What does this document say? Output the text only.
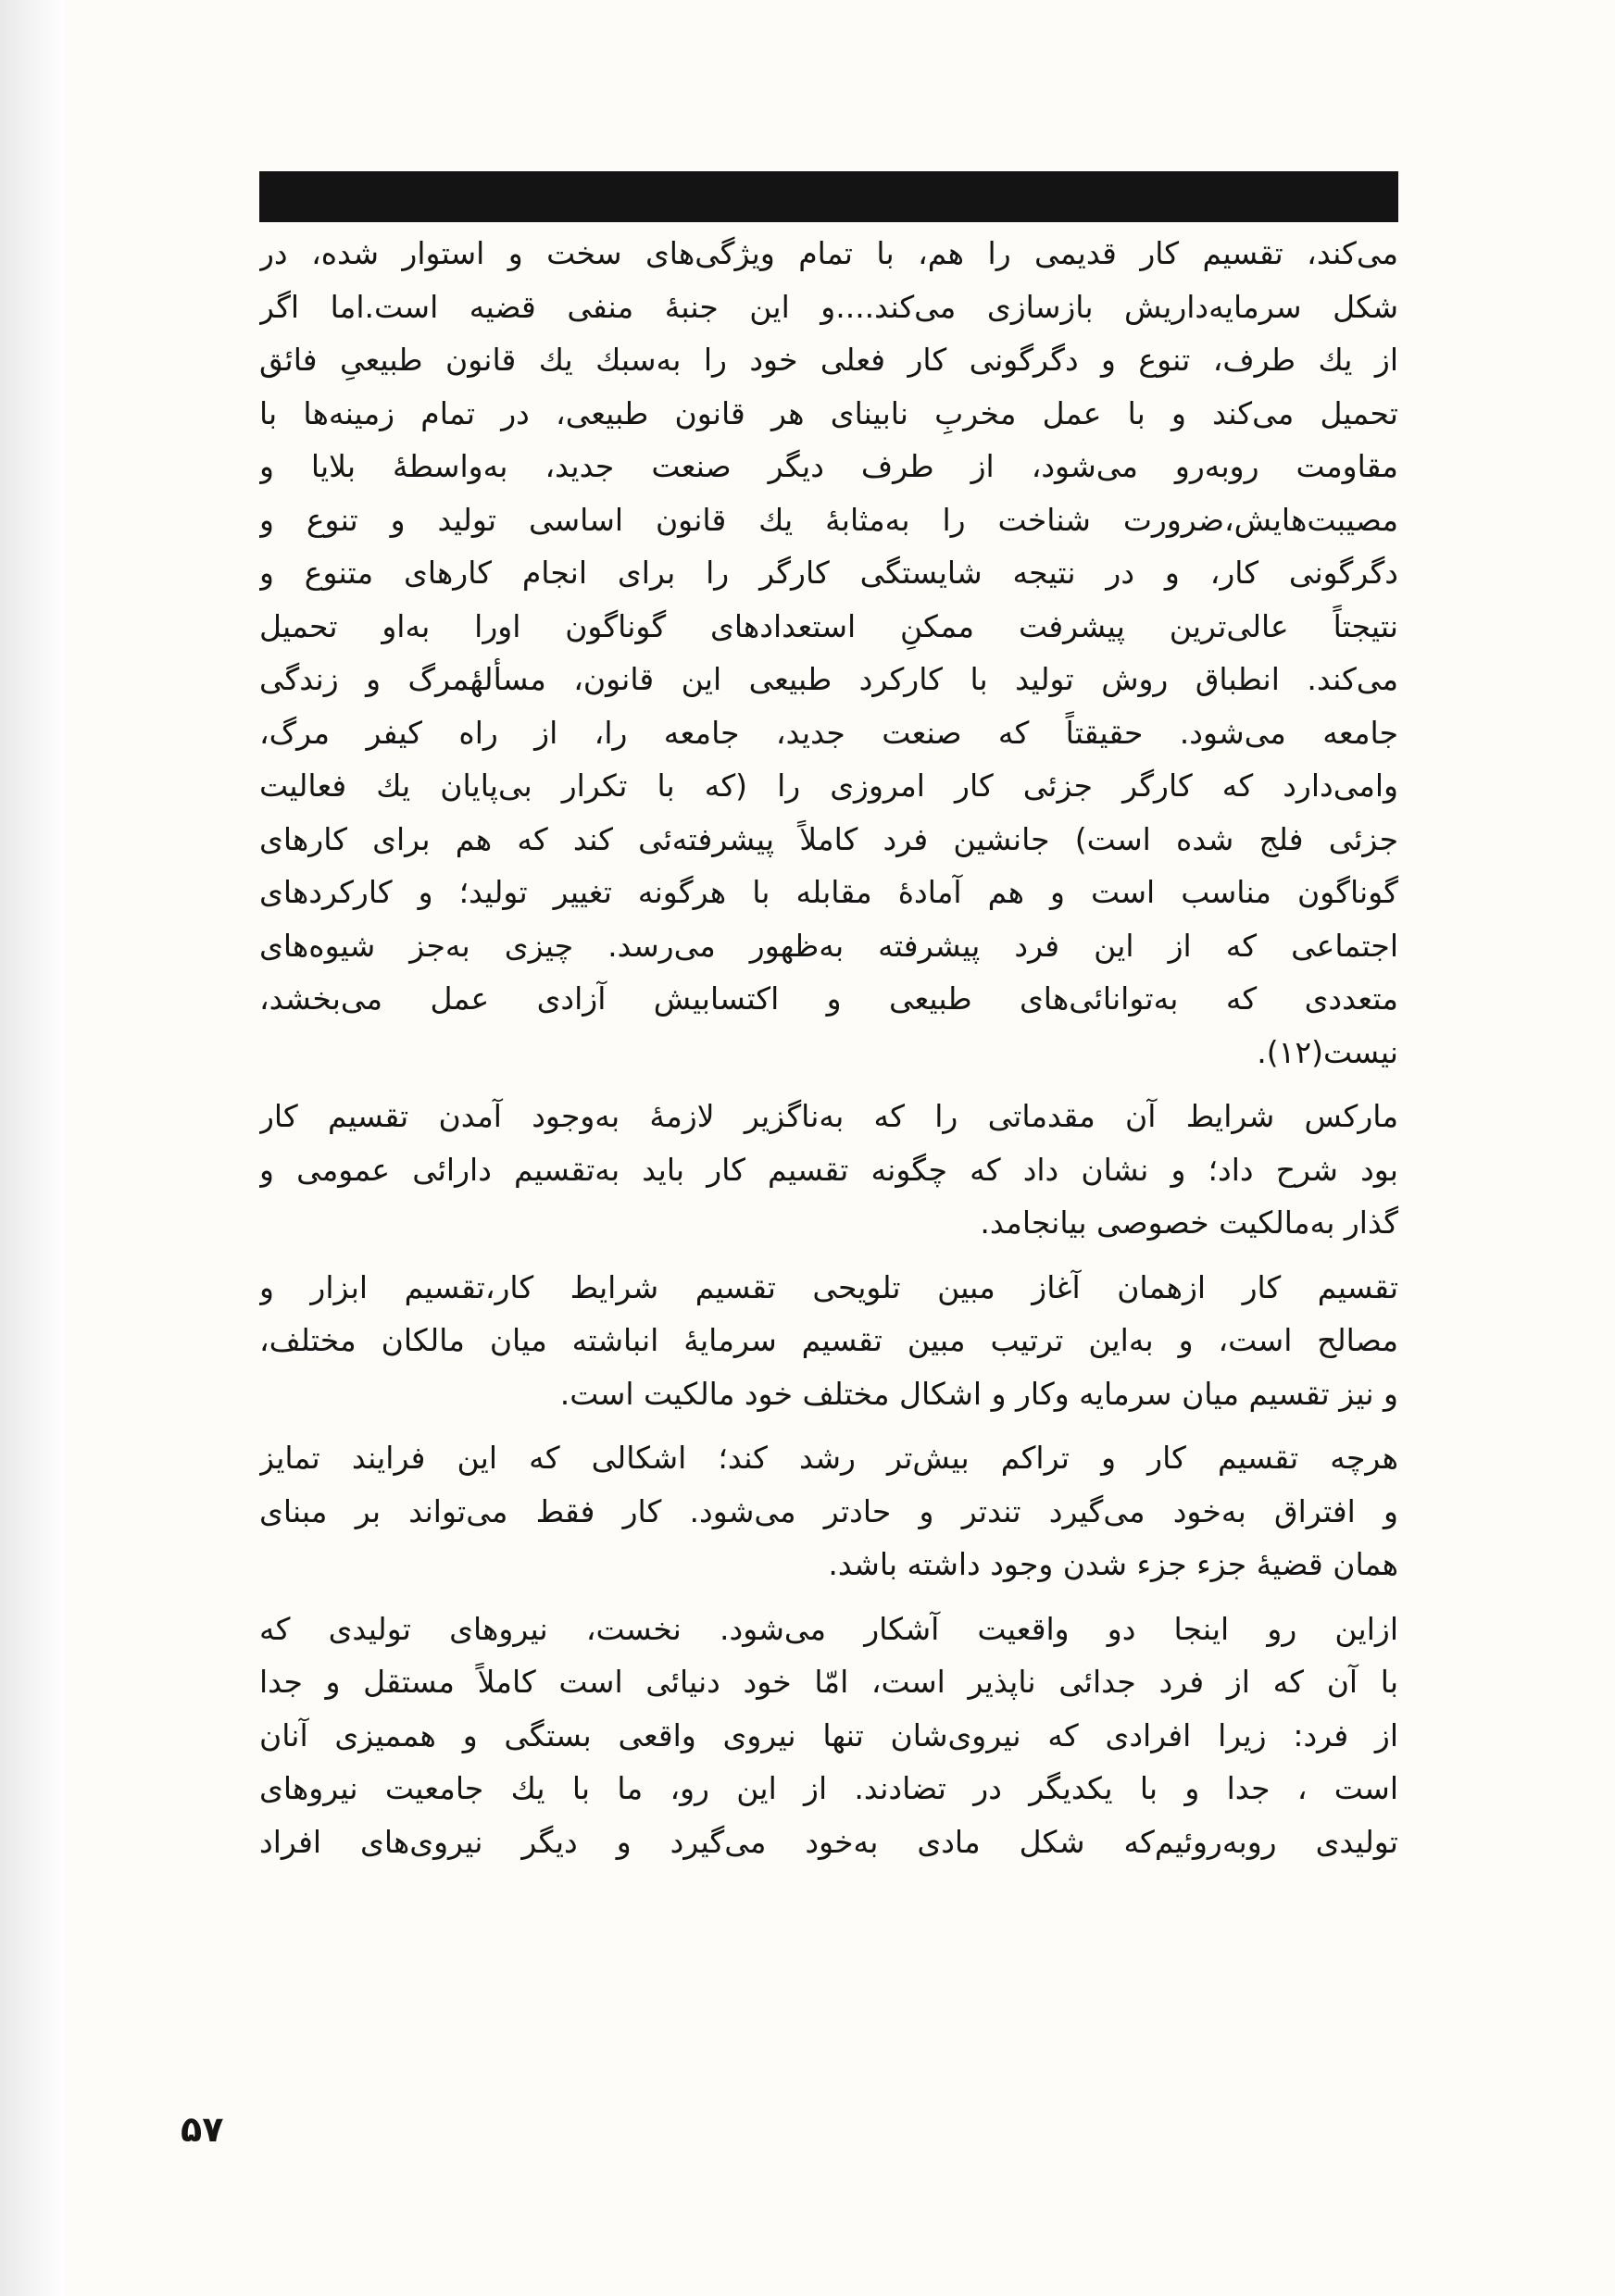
می‌کند، تقسیم کار قدیمی را هم، با تمام ویژگی‌های سخت و استوار شده، در
شکل سرمایه‌داریش بازسازی می‌کند....و این جنبهٔ منفی قضیه است.اما اگر
از یك طرف، تنوع و دگرگونی کار فعلی خود را به‌سبك یك قانون طبیعیِ فائق
تحمیل می‌کند و با عمل مخربِ نابینای هر قانون طبیعی، در تمام زمینه‌ها با
مقاومت روبه‌رو می‌شود، از طرف دیگر صنعت جدید، به‌واسطهٔ بلایا و
مصیبت‌هایش،ضرورت شناخت را به‌مثابهٔ یك قانون اساسی تولید و تنوع و
دگرگونی کار، و در نتیجه شایستگی کارگر را برای انجام کارهای متنوع و
نتیجتاً عالی‌ترین پیشرفت ممکنِ استعدادهای گوناگون اورا به‌او تحمیل
می‌کند. انطباق روش تولید با کارکرد طبیعی این قانون، مسألهٔمرگ و زندگی
جامعه می‌شود. حقیقتاً که صنعت جدید، جامعه را، از راه کیفر مرگ،
وامی‌دارد که کارگر جزئی کار امروزی را (که با تکرار بی‌پایان یك فعالیت
جزئی فلج شده است) جانشین فرد کاملاً پیشرفته‌ئی کند که هم برای کارهای
گوناگون مناسب است و هم آمادهٔ مقابله با هرگونه تغییر تولید؛ و کارکردهای
اجتماعی که از این فرد پیشرفته به‌ظهور می‌رسد. چیزی به‌جز شیوه‌های
متعددی که به‌توانائی‌های طبیعی و اکتسابیش آزادی عمل می‌بخشد،
نیست(۱۲).
مارکس شرایط آن مقدماتی را که به‌ناگزیر لازمهٔ به‌وجود آمدن تقسیم کار
بود شرح داد؛ و نشان داد که چگونه تقسیم کار باید به‌تقسیم دارائی عمومی و
گذار به‌مالکیت خصوصی بیانجامد.
تقسیم کار ازهمان آغاز مبین تلویحی تقسیم شرایط کار،تقسیم ابزار و
مصالح است، و به‌این ترتیب مبین تقسیم سرمایهٔ انباشته میان مالکان مختلف،
و نیز تقسیم میان سرمایه وکار و اشکال مختلف خود مالکیت است.
هرچه تقسیم کار و تراکم بیش‌تر رشد کند؛ اشکالی که این فرایند تمایز
و افتراق به‌خود می‌گیرد تندتر و حادتر می‌شود. کار فقط می‌تواند بر مبنای
همان قضیهٔ جزء جزء شدن وجود داشته باشد.
ازاین رو اینجا دو واقعیت آشکار می‌شود. نخست، نیروهای تولیدی که
با آن که از فرد جدائی ناپذیر است، امّا خود دنیائی است کاملاً مستقل و جدا
از فرد: زیرا افرادی که نیروی‌شان تنها نیروی واقعی بستگی و هممیزی آنان
است ، جدا و با یکدیگر در تضادند. از این رو، ما با یك جامعیت نیروهای
تولیدی روبه‌روئیم‌که شکل مادی به‌خود می‌گیرد و دیگر نیروی‌های افراد
۵۷
